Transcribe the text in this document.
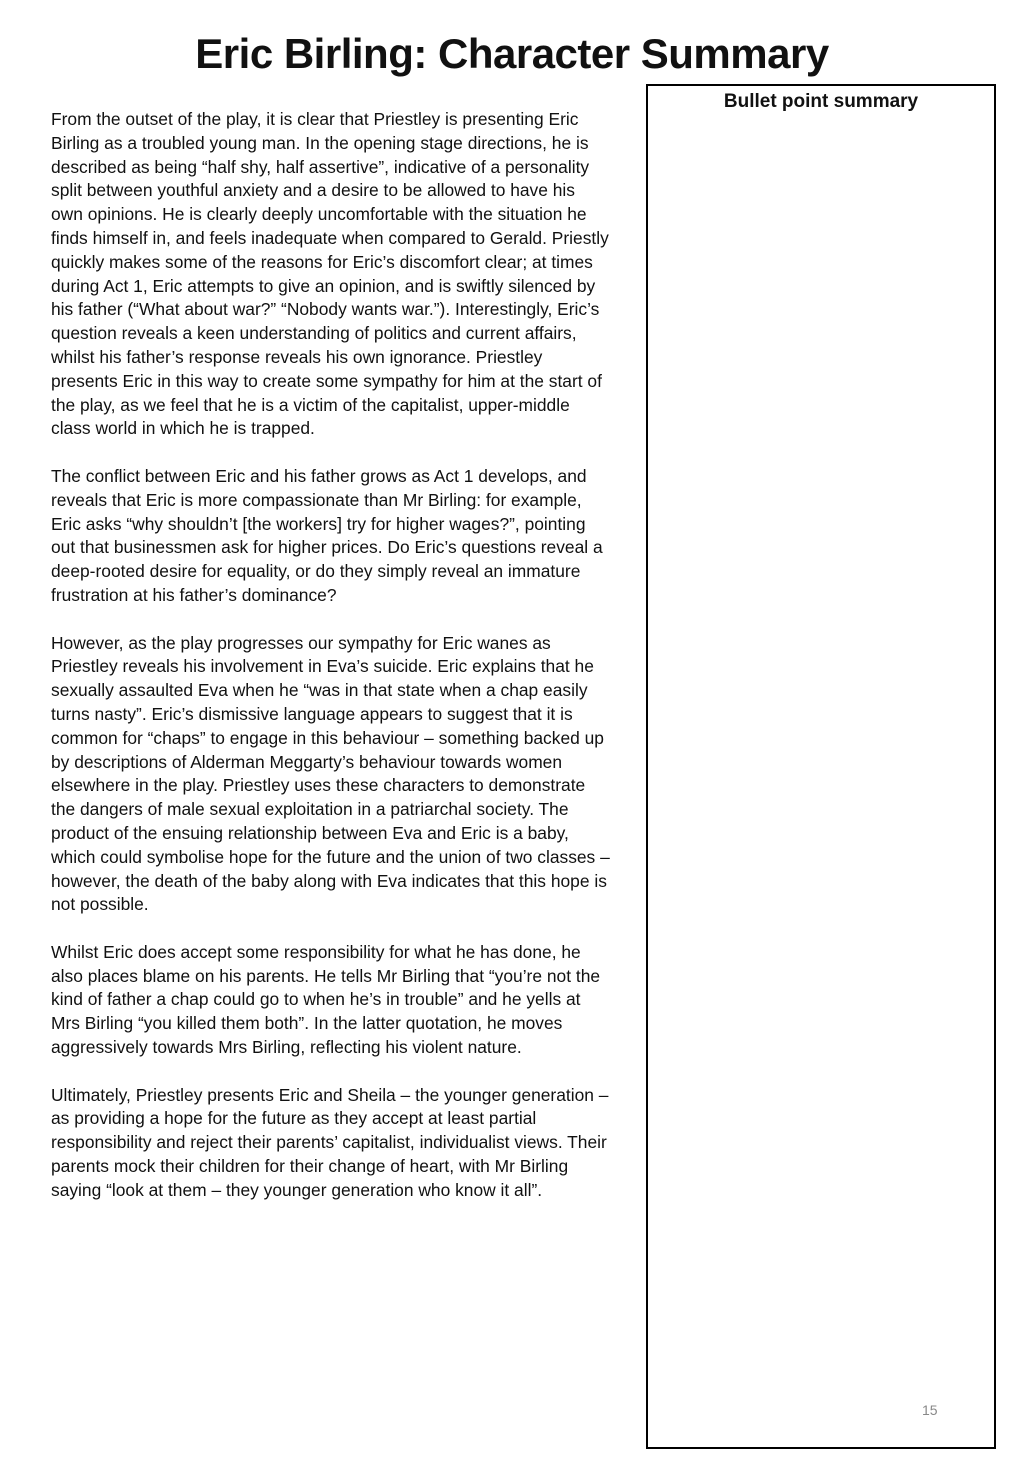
Eric Birling: Character Summary

From the outset of the play, it is clear that Priestley is presenting Eric Birling as a troubled young man. In the opening stage directions, he is described as being “half shy, half assertive”, indicative of a personality split between youthful anxiety and a desire to be allowed to have his own opinions. He is clearly deeply uncomfortable with the situation he finds himself in, and feels inadequate when compared to Gerald. Priestly quickly makes some of the reasons for Eric’s discomfort clear; at times during Act 1, Eric attempts to give an opinion, and is swiftly silenced by his father (“What about war?” “Nobody wants war.”). Interestingly, Eric’s question reveals a keen understanding of politics and current affairs, whilst his father’s response reveals his own ignorance. Priestley presents Eric in this way to create some sympathy for him at the start of the play, as we feel that he is a victim of the capitalist, upper-middle class world in which he is trapped.

The conflict between Eric and his father grows as Act 1 develops, and reveals that Eric is more compassionate than Mr Birling: for example, Eric asks “why shouldn’t [the workers] try for higher wages?”, pointing out that businessmen ask for higher prices. Do Eric’s questions reveal a deep-rooted desire for equality, or do they simply reveal an immature frustration at his father’s dominance?

However, as the play progresses our sympathy for Eric wanes as Priestley reveals his involvement in Eva’s suicide. Eric explains that he sexually assaulted Eva when he “was in that state when a chap easily turns nasty”. Eric’s dismissive language appears to suggest that it is common for “chaps” to engage in this behaviour – something backed up by descriptions of Alderman Meggarty’s behaviour towards women elsewhere in the play. Priestley uses these characters to demonstrate the dangers of male sexual exploitation in a patriarchal society. The product of the ensuing relationship between Eva and Eric is a baby, which could symbolise hope for the future and the union of two classes – however, the death of the baby along with Eva indicates that this hope is not possible.

Whilst Eric does accept some responsibility for what he has done, he also places blame on his parents. He tells Mr Birling that “you’re not the kind of father a chap could go to when he’s in trouble” and he yells at Mrs Birling “you killed them both”. In the latter quotation, he moves aggressively towards Mrs Birling, reflecting his violent nature.

Ultimately, Priestley presents Eric and Sheila – the younger generation – as providing a hope for the future as they accept at least partial responsibility and reject their parents’ capitalist, individualist views. Their parents mock their children for their change of heart, with Mr Birling saying “look at them – they younger generation who know it all”.

Bullet point summary
15
